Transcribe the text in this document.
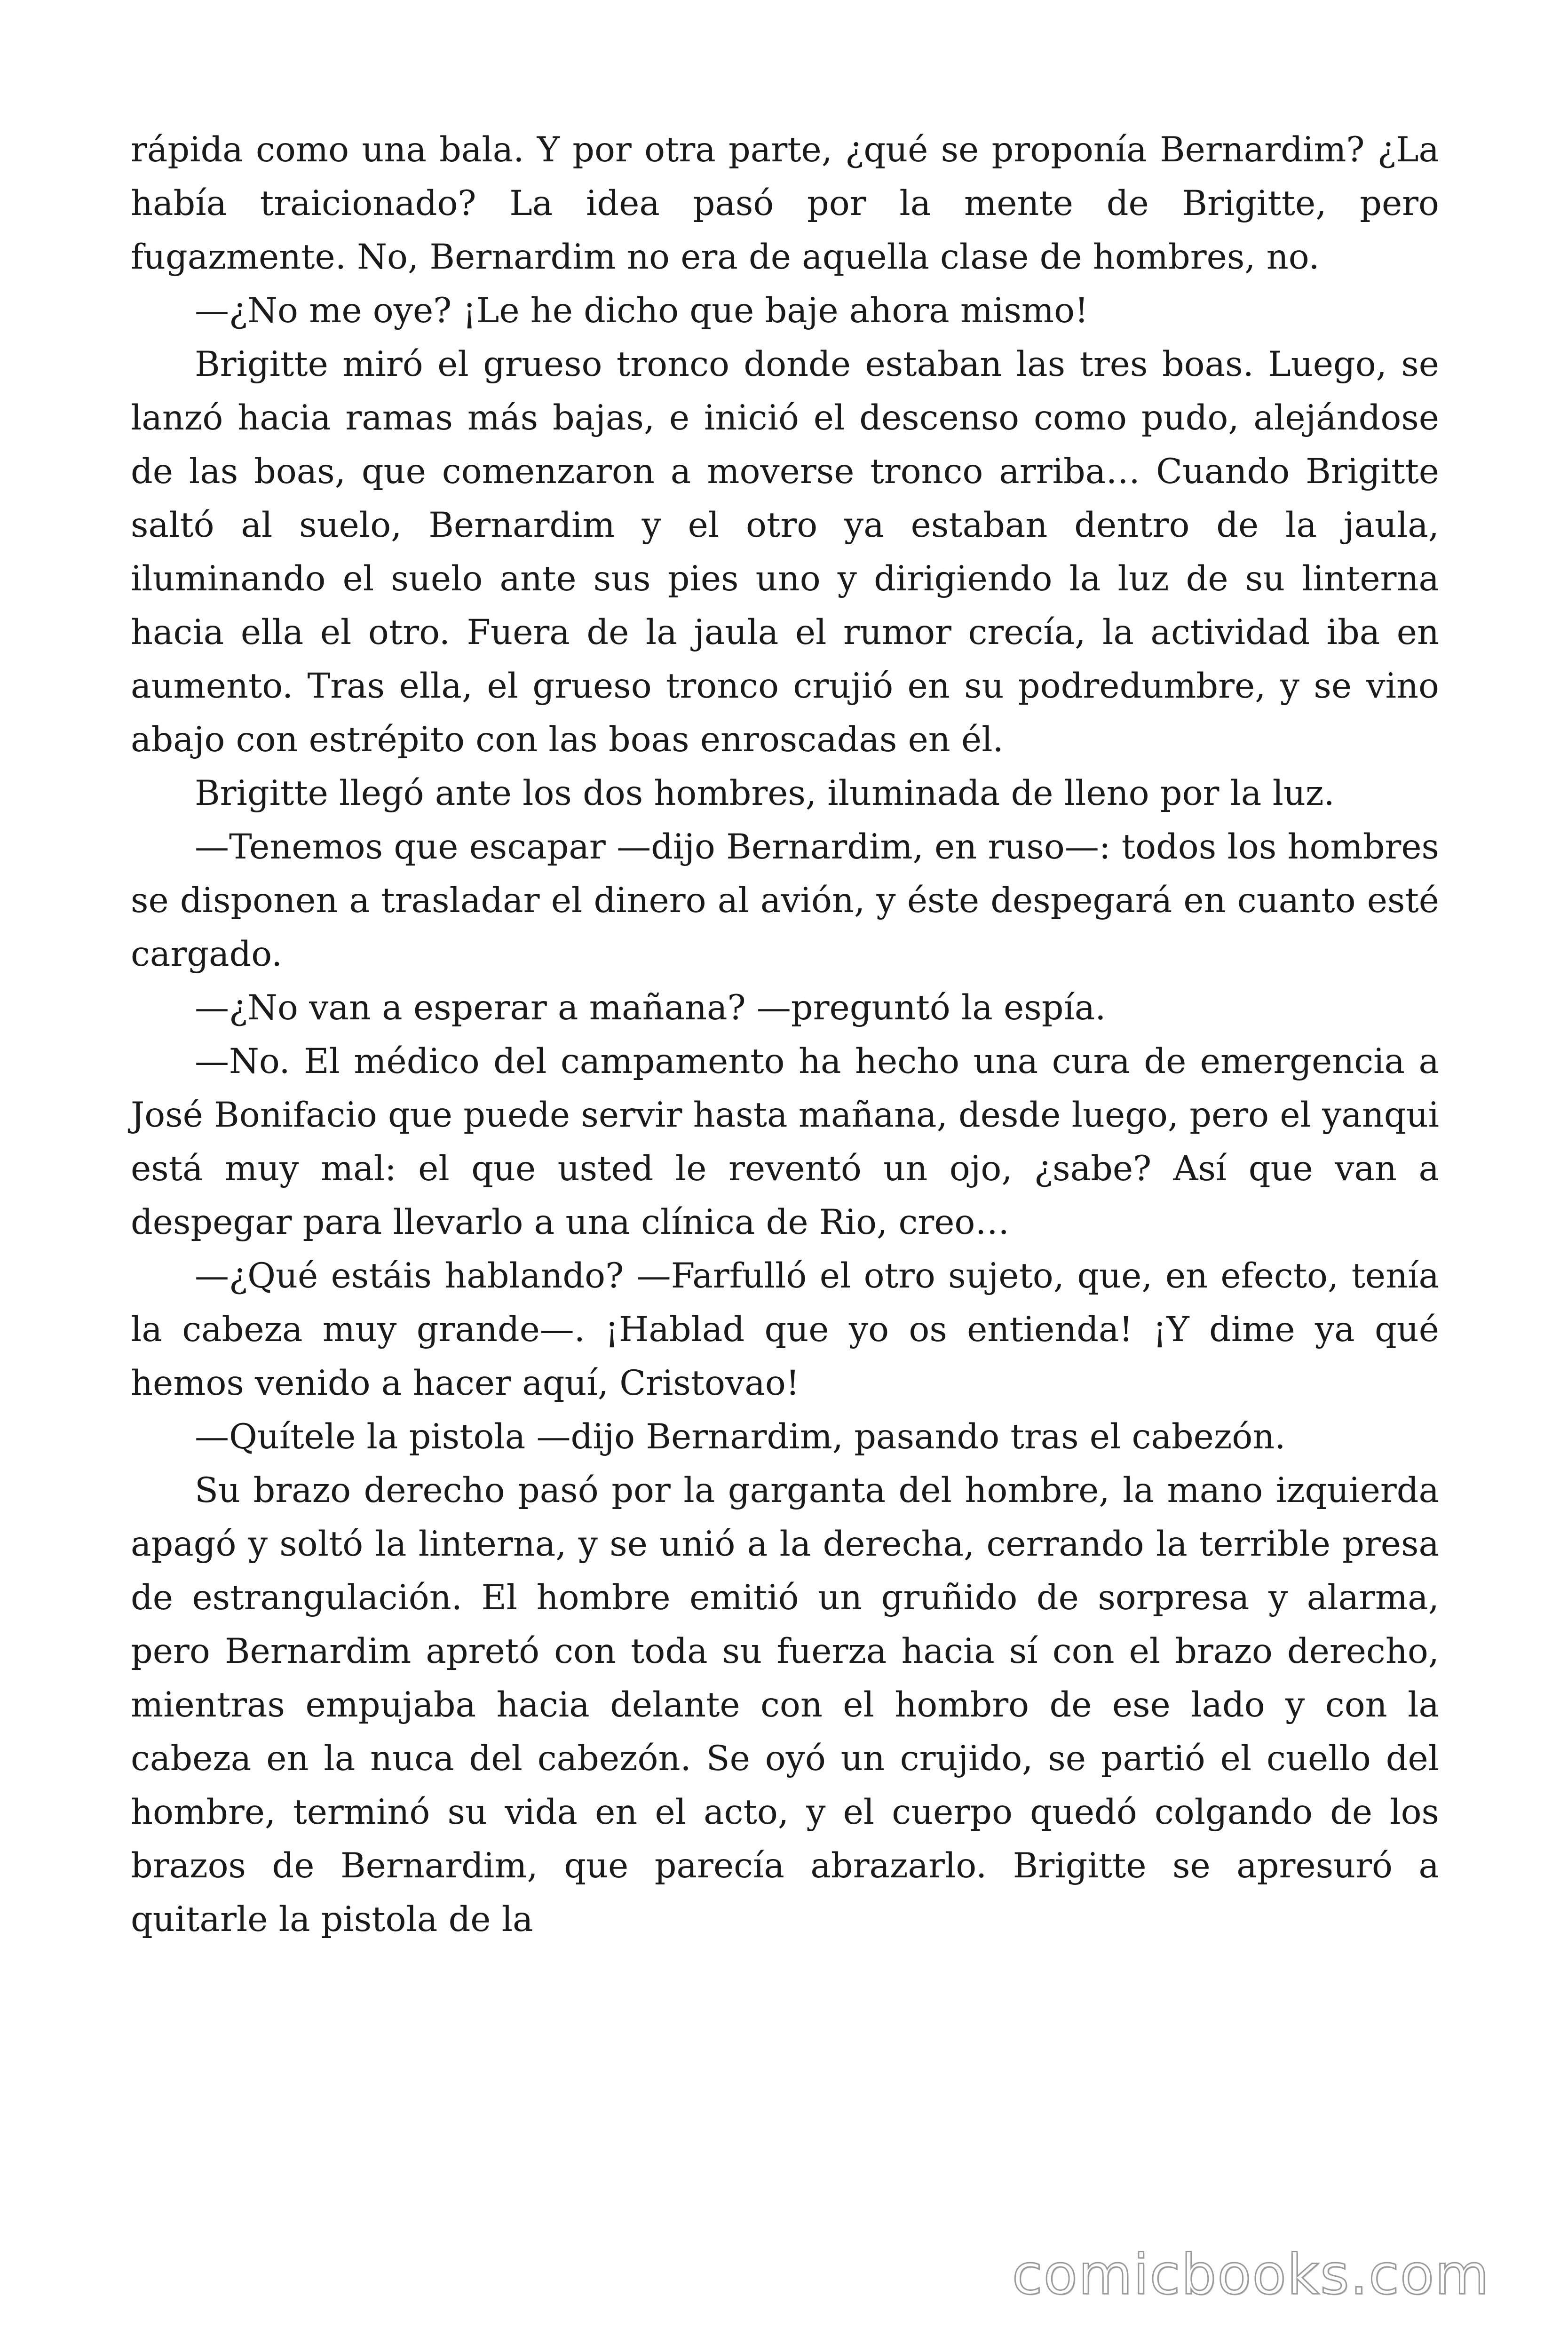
rápida como una bala. Y por otra parte, ¿qué se proponía Bernardim? ¿La había traicionado? La idea pasó por la mente de Brigitte, pero fugazmente. No, Bernardim no era de aquella clase de hombres, no.

—¿No me oye? ¡Le he dicho que baje ahora mismo!

Brigitte miró el grueso tronco donde estaban las tres boas. Luego, se lanzó hacia ramas más bajas, e inició el descenso como pudo, alejándose de las boas, que comenzaron a moverse tronco arriba… Cuando Brigitte saltó al suelo, Bernardim y el otro ya estaban dentro de la jaula, iluminando el suelo ante sus pies uno y dirigiendo la luz de su linterna hacia ella el otro. Fuera de la jaula el rumor crecía, la actividad iba en aumento. Tras ella, el grueso tronco crujió en su podredumbre, y se vino abajo con estrépito con las boas enroscadas en él.

Brigitte llegó ante los dos hombres, iluminada de lleno por la luz.

—Tenemos que escapar —dijo Bernardim, en ruso—: todos los hombres se disponen a trasladar el dinero al avión, y éste despegará en cuanto esté cargado.

—¿No van a esperar a mañana? —preguntó la espía.

—No. El médico del campamento ha hecho una cura de emergencia a José Bonifacio que puede servir hasta mañana, desde luego, pero el yanqui está muy mal: el que usted le reventó un ojo, ¿sabe? Así que van a despegar para llevarlo a una clínica de Rio, creo…

—¿Qué estáis hablando? —Farfulló el otro sujeto, que, en efecto, tenía la cabeza muy grande—. ¡Hablad que yo os entienda! ¡Y dime ya qué hemos venido a hacer aquí, Cristovao!

—Quítele la pistola —dijo Bernardim, pasando tras el cabezón.

Su brazo derecho pasó por la garganta del hombre, la mano izquierda apagó y soltó la linterna, y se unió a la derecha, cerrando la terrible presa de estrangulación. El hombre emitió un gruñido de sorpresa y alarma, pero Bernardim apretó con toda su fuerza hacia sí con el brazo derecho, mientras empujaba hacia delante con el hombro de ese lado y con la cabeza en la nuca del cabezón. Se oyó un crujido, se partió el cuello del hombre, terminó su vida en el acto, y el cuerpo quedó colgando de los brazos de Bernardim, que parecía abrazarlo. Brigitte se apresuró a quitarle la pistola de la

comicbooks.com
